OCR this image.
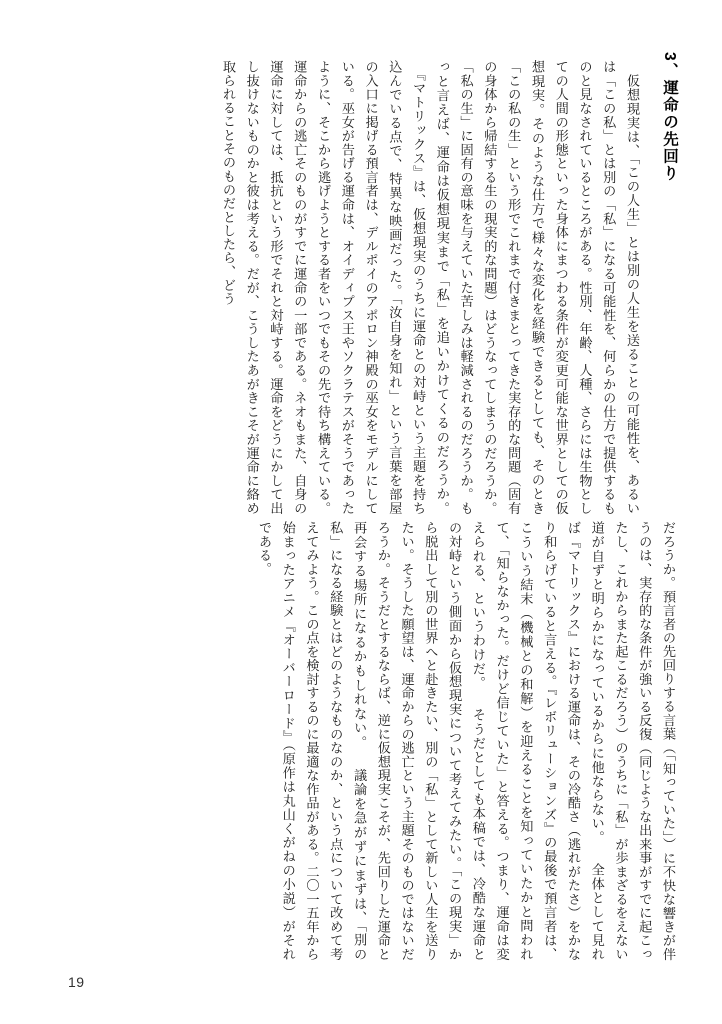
3、運命の先回り
　仮想現実は、「この人生」とは別の人生を送ることの可能性を、あるいは「この私」とは別の「私」になる可能性を、何らかの仕方で提供するものと見なされているところがある。性別、年齢、人種、さらには生物としての人間の形態といった身体にまつわる条件が変更可能な世界としての仮想現実。そのような仕方で様々な変化を経験できるとしても、そのとき「この私の生」という形でこれまで付きまとってきた実存的な問題（固有の身体から帰結する生の現実的な問題）はどうなってしまうのだろうか。「私の生」に固有の意味を与えていた苦しみは軽減されるのだろうか。もっと言えば、運命は仮想現実まで「私」を追いかけてくるのだろうか。 　『マトリックス』は、仮想現実のうちに運命との対峙という主題を持ち込んでいる点で、特異な映画だった。「汝自身を知れ」という言葉を部屋の入口に掲げる預言者は、デルポイのアポロン神殿の巫女をモデルにしている。巫女が告げる運命は、オイディプス王やソクラテスがそうであったように、そこから逃げようとする者をいつでもその先で待ち構えている。運命からの逃亡そのものがすでに運命の一部である。ネオもまた、自身の運命に対しては、抵抗という形でそれと対峙する。運命をどうにかして出し抜けないものかと彼は考える。だが、こうしたあがきこそが運命に絡め取られることそのものだとしたら、どう
だろうか。預言者の先回りする言葉（「知っていた」）に不快な響きが伴うのは、実存的な条件が強いる反復（同じような出来事がすでに起こったし、これからまた起こるだろう）のうちに「私」が歩まざるをえない道が自ずと明らかになっているからに他ならない。 　全体として見れば『マトリックス』における運命は、その冷酷さ（逃れがたさ）をかなり和らげていると言える。『レボリューションズ』の最後で預言者は、こういう結末（機械との和解）を迎えることを知っていたかと問われて、「知らなかった。だけど信じていた」と答える。つまり、運命は変えられる、というわけだ。 　そうだとしても本稿では、冷酷な運命との対峙という側面から仮想現実について考えてみたい。「この現実」から脱出して別の世界へと赴きたい、別の「私」として新しい人生を送りたい。そうした願望は、運命からの逃亡という主題そのものではないだろうか。そうだとするならば、逆に仮想現実こそが、先回りした運命と再会する場所になるかもしれない。 　議論を急がずにまずは、「別の私」になる経験とはどのようなものなのか、という点について改めて考えてみよう。この点を検討するのに最適な作品がある。二〇一五年から始まったアニメ『オーバーロード』（原作は丸山くがねの小説）がそれである。
19
